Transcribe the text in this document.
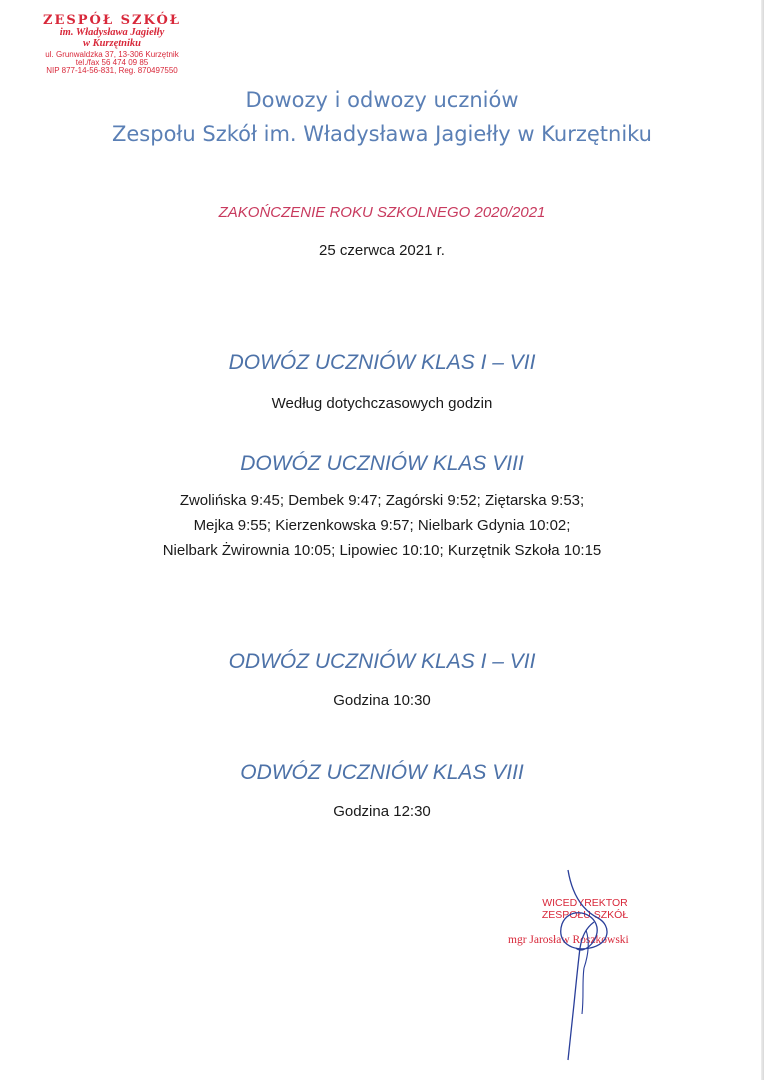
ZESPÓŁ SZKÓŁ
im. Władysława Jagiełły
w Kurzętniku
ul. Grunwaldzka 37, 13-306 Kurzętnik
tel./fax 56 474 09 85
NIP 877-14-56-831, Reg. 870497550

Dowozy i odwozy uczniów

Zespołu Szkół im. Władysława Jagiełły w Kurzętniku

ZAKOŃCZENIE ROKU SZKOLNEGO 2020/2021

25 czerwca 2021 r.

DOWÓZ UCZNIÓW KLAS I – VII

Według dotychczasowych godzin

DOWÓZ UCZNIÓW KLAS VIII

Zwolińska 9:45; Dembek 9:47; Zagórski 9:52; Ziętarska 9:53;

Mejka 9:55; Kierzenkowska 9:57; Nielbark Gdynia 10:02;

Nielbark Żwirownia 10:05; Lipowiec 10:10; Kurzętnik Szkoła 10:15

ODWÓZ UCZNIÓW KLAS I – VII

Godzina 10:30

ODWÓZ UCZNIÓW KLAS VIII

Godzina 12:30

WICEDYREKTOR
ZESPOŁU SZKÓŁ
mgr Jarosław Roszkowski
